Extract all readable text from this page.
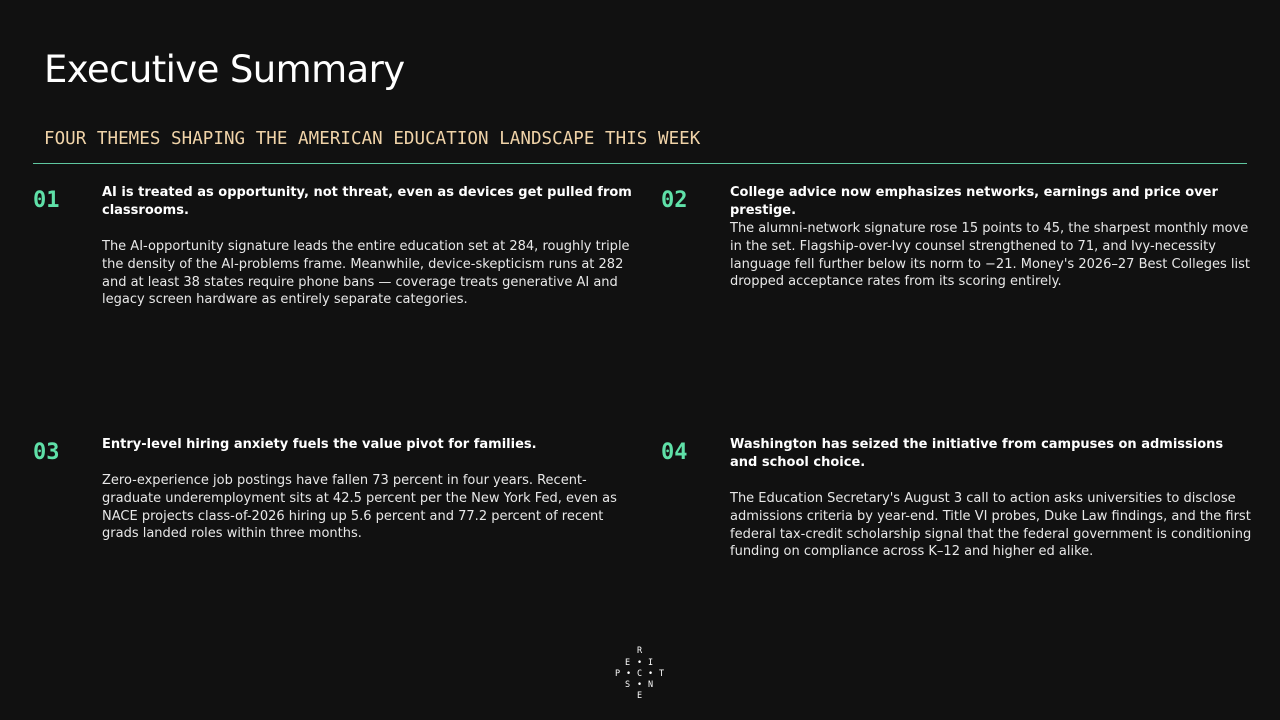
Executive Summary
FOUR THEMES SHAPING THE AMERICAN EDUCATION LANDSCAPE THIS WEEK
01	AI is treated as opportunity, not threat, even as devices get pulled from classrooms.
The AI-opportunity signature leads the entire education set at 284, roughly triple the density of the AI-problems frame. Meanwhile, device-skepticism runs at 282 and at least 38 states require phone bans — coverage treats generative AI and legacy screen hardware as entirely separate categories.
02	College advice now emphasizes networks, earnings and price over prestige.
The alumni-network signature rose 15 points to 45, the sharpest monthly move in the set. Flagship-over-Ivy counsel strengthened to 71, and Ivy-necessity language fell further below its norm to −21. Money's 2026–27 Best Colleges list dropped acceptance rates from its scoring entirely.
03	Entry-level hiring anxiety fuels the value pivot for families.
Zero-experience job postings have fallen 73 percent in four years. Recent-graduate underemployment sits at 42.5 percent per the New York Fed, even as NACE projects class-of-2026 hiring up 5.6 percent and 77.2 percent of recent grads landed roles within three months.
04	Washington has seized the initiative from campuses on admissions and school choice.
The Education Secretary's August 3 call to action asks universities to disclose admissions criteria by year-end. Title VI probes, Duke Law findings, and the first federal tax-credit scholarship signal that the federal government is conditioning funding on compliance across K–12 and higher ed alike.
R
E • I
P • C • T
S • N
E
